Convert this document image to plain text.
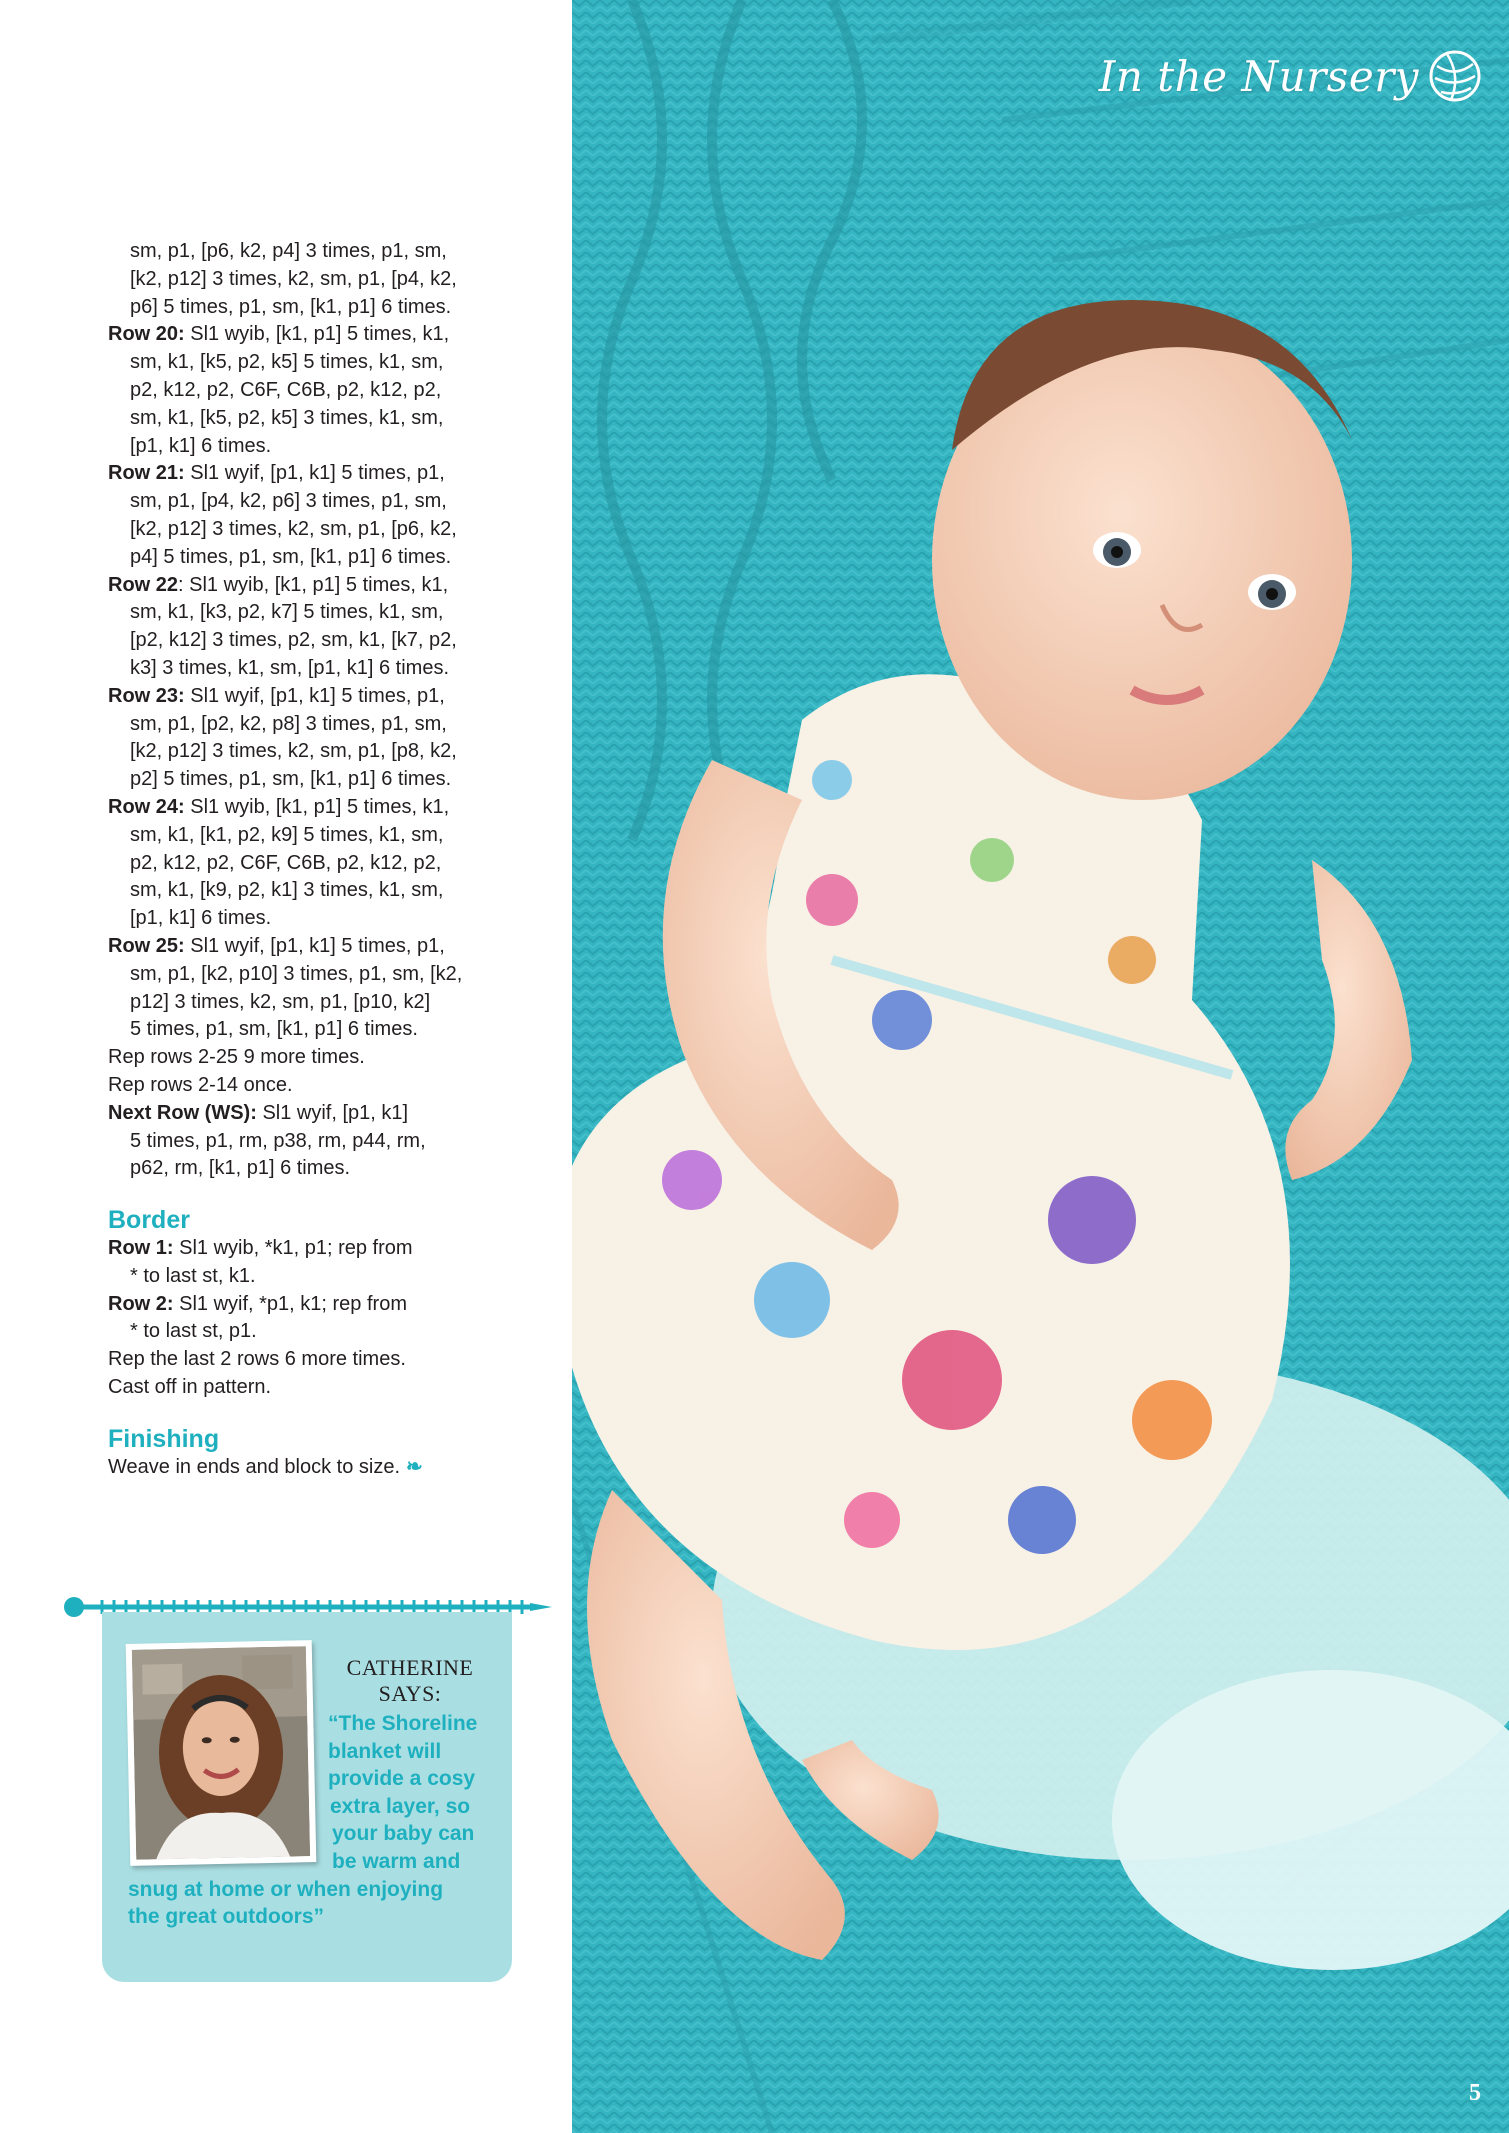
sm, p1, [p6, k2, p4] 3 times, p1, sm,
[k2, p12] 3 times, k2, sm, p1, [p4, k2,
p6] 5 times, p1, sm, [k1, p1] 6 times.
Row 20: Sl1 wyib, [k1, p1] 5 times, k1,
sm, k1, [k5, p2, k5] 5 times, k1, sm,
p2, k12, p2, C6F, C6B, p2, k12, p2,
sm, k1, [k5, p2, k5] 3 times, k1, sm,
[p1, k1] 6 times.
Row 21: Sl1 wyif, [p1, k1] 5 times, p1,
sm, p1, [p4, k2, p6] 3 times, p1, sm,
[k2, p12] 3 times, k2, sm, p1, [p6, k2,
p4] 5 times, p1, sm, [k1, p1] 6 times.
Row 22: Sl1 wyib, [k1, p1] 5 times, k1,
sm, k1, [k3, p2, k7] 5 times, k1, sm,
[p2, k12] 3 times, p2, sm, k1, [k7, p2,
k3] 3 times, k1, sm, [p1, k1] 6 times.
Row 23: Sl1 wyif, [p1, k1] 5 times, p1,
sm, p1, [p2, k2, p8] 3 times, p1, sm,
[k2, p12] 3 times, k2, sm, p1, [p8, k2,
p2] 5 times, p1, sm, [k1, p1] 6 times.
Row 24: Sl1 wyib, [k1, p1] 5 times, k1,
sm, k1, [k1, p2, k9] 5 times, k1, sm,
p2, k12, p2, C6F, C6B, p2, k12, p2,
sm, k1, [k9, p2, k1] 3 times, k1, sm,
[p1, k1] 6 times.
Row 25: Sl1 wyif, [p1, k1] 5 times, p1,
sm, p1, [k2, p10] 3 times, p1, sm, [k2,
p12] 3 times, k2, sm, p1, [p10, k2]
5 times, p1, sm, [k1, p1] 6 times.
Rep rows 2-25 9 more times.
Rep rows 2-14 once.
Next Row (WS): Sl1 wyif, [p1, k1]
5 times, p1, rm, p38, rm, p44, rm,
p62, rm, [k1, p1] 6 times.
Border
Row 1: Sl1 wyib, *k1, p1; rep from
* to last st, k1.
Row 2: Sl1 wyif, *p1, k1; rep from
* to last st, p1.
Rep the last 2 rows 6 more times.
Cast off in pattern.
Finishing
Weave in ends and block to size. ❧
CATHERINE
SAYS:
“The Shoreline
blanket will
provide a cosy
extra layer, so
your baby can
be warm and
snug at home or when enjoying
the great outdoors”
In the Nursery
5
